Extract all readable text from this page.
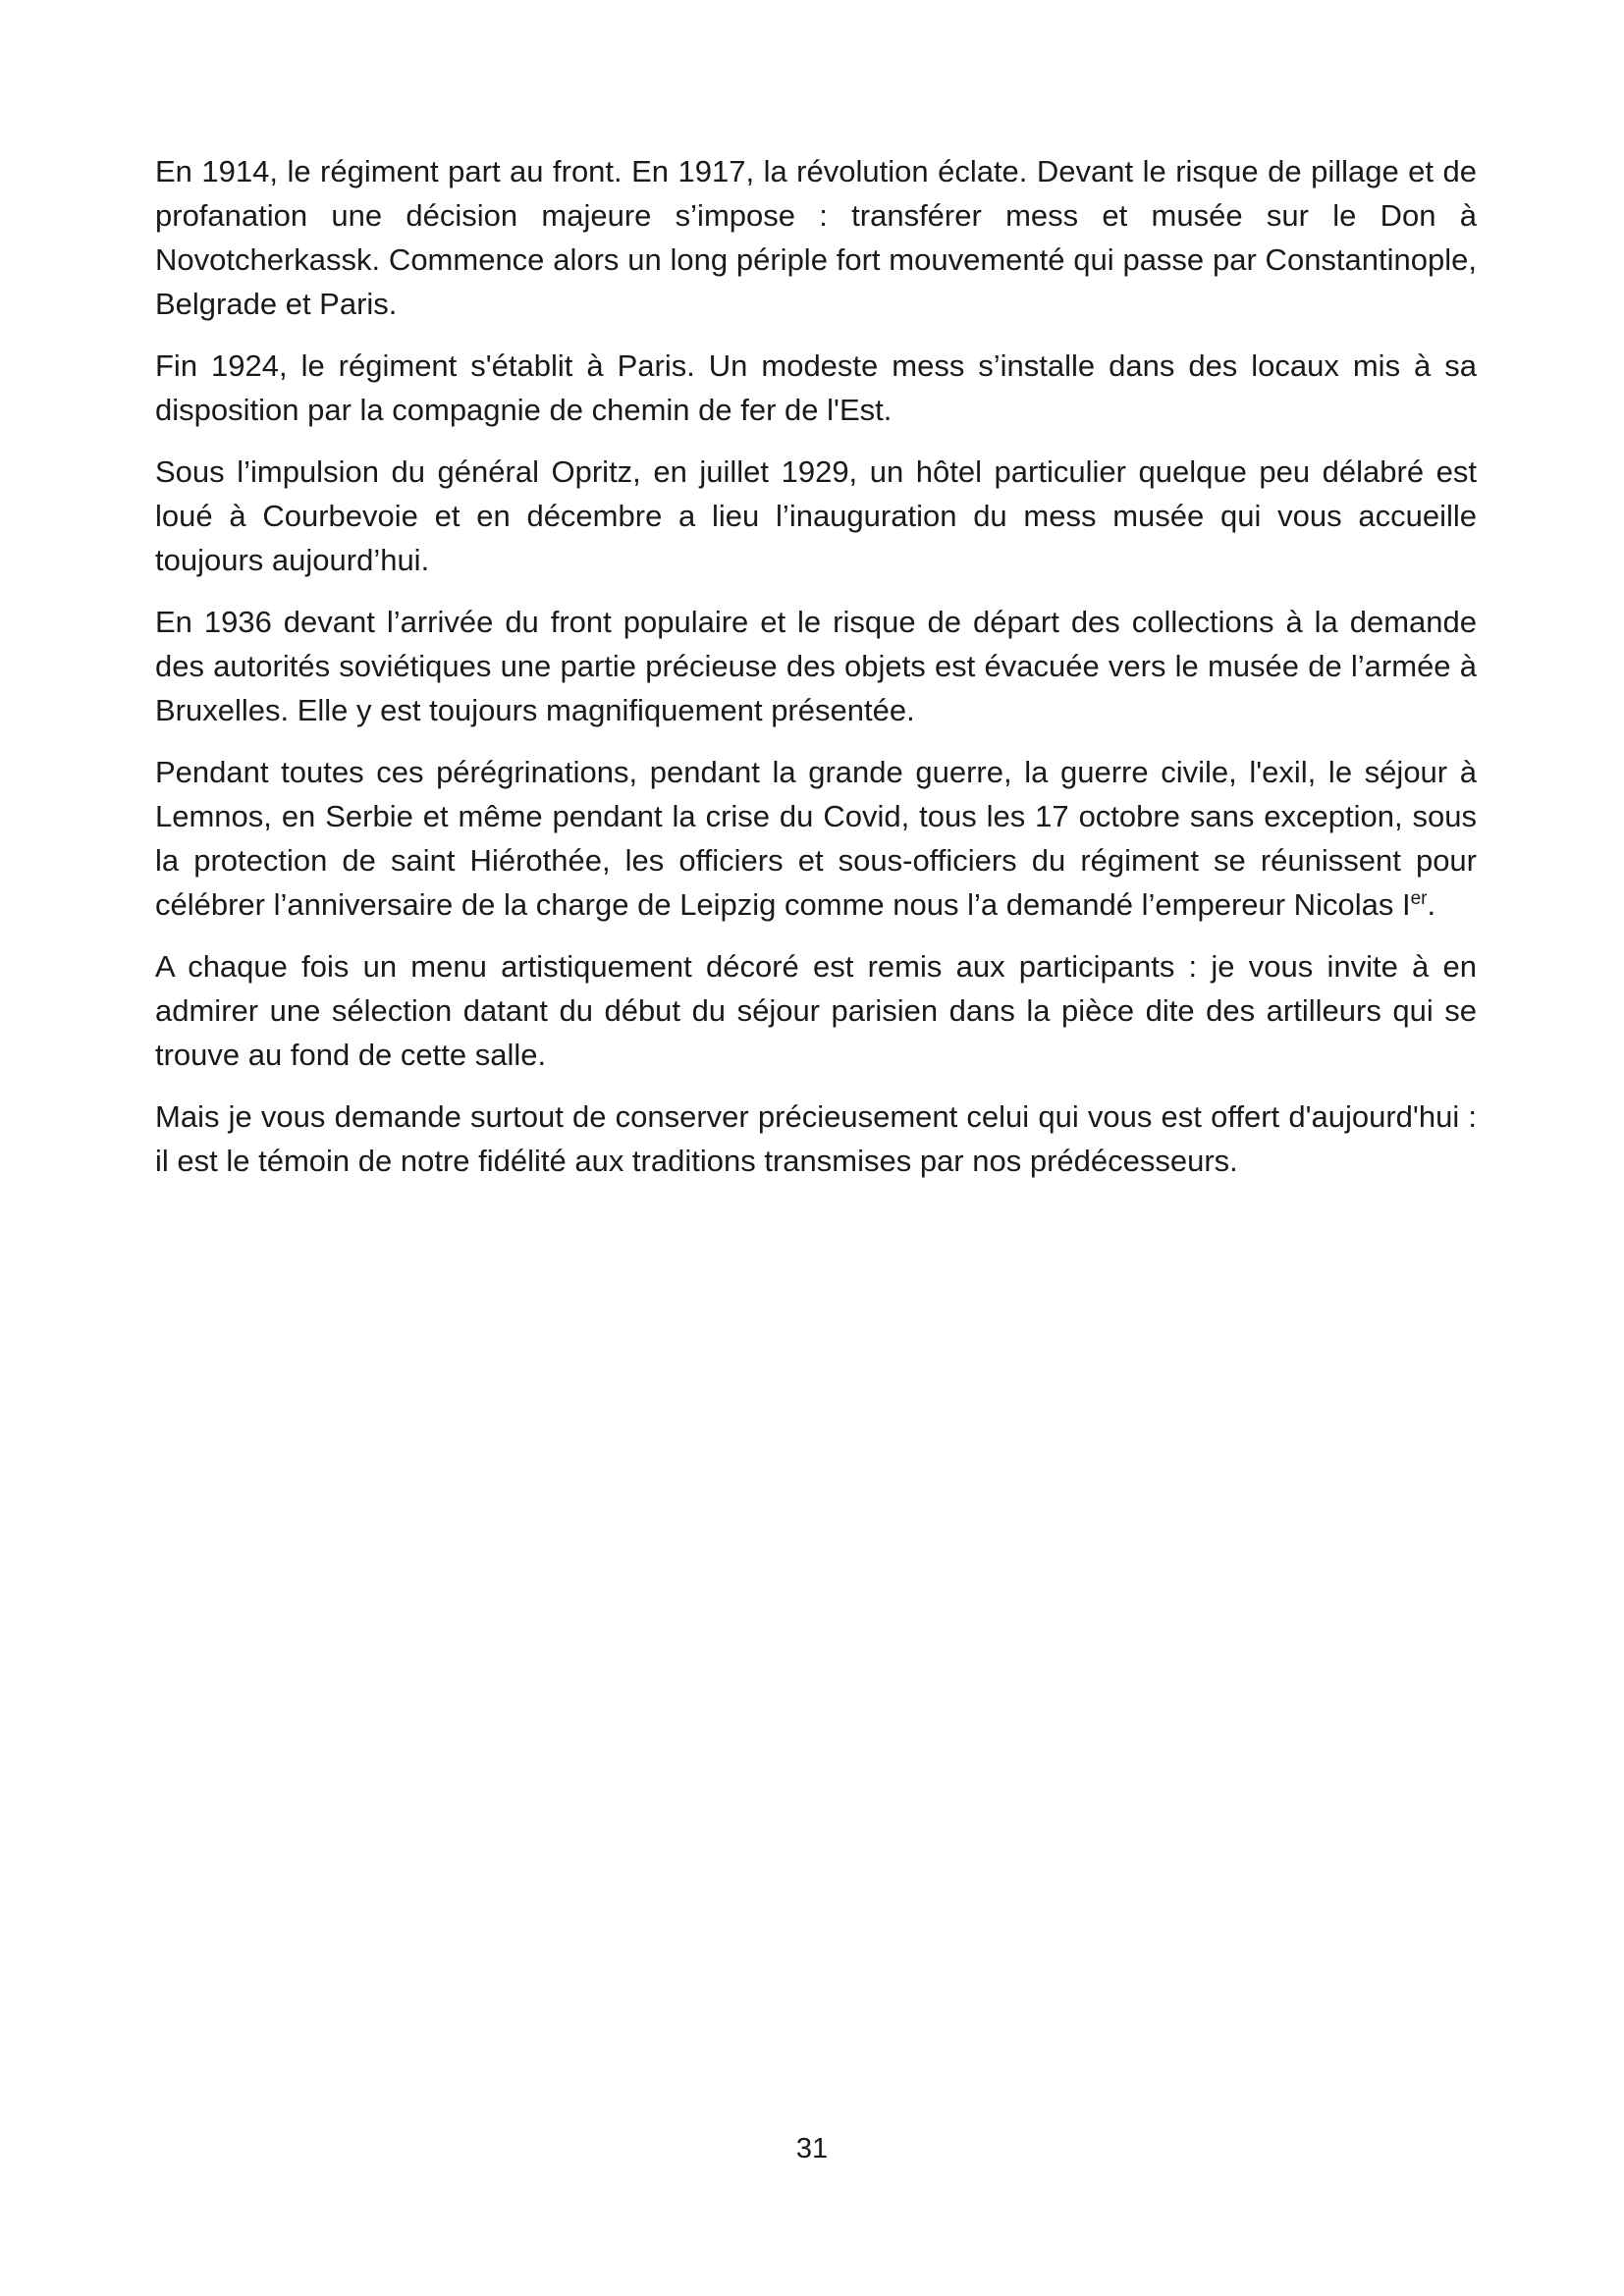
En 1914, le régiment part au front. En 1917, la révolution éclate. Devant le risque de pillage et de profanation une décision majeure s’impose : transférer mess et musée sur le Don à Novotcherkassk. Commence alors un long périple fort mouvementé qui passe par Constantinople, Belgrade et Paris.

Fin 1924, le régiment s'établit à Paris. Un modeste mess s’installe dans des locaux mis à sa disposition par la compagnie de chemin de fer de l'Est.

Sous l’impulsion du général Opritz, en juillet 1929, un hôtel particulier quelque peu délabré est loué à Courbevoie et en décembre a lieu l’inauguration du mess musée qui vous accueille toujours aujourd’hui.

En 1936 devant l’arrivée du front populaire et le risque de départ des collections à la demande des autorités soviétiques une partie précieuse des objets est évacuée vers le musée de l’armée à Bruxelles. Elle y est toujours magnifiquement présentée.

Pendant toutes ces pérégrinations, pendant la grande guerre, la guerre civile, l'exil, le séjour à Lemnos, en Serbie et même pendant la crise du Covid, tous les 17 octobre sans exception, sous la protection de saint Hiérothée, les officiers et sous-officiers du régiment se réunissent pour célébrer l’anniversaire de la charge de Leipzig comme nous l’a demandé l’empereur Nicolas Ier.

A chaque fois un menu artistiquement décoré est remis aux participants : je vous invite à en admirer une sélection datant du début du séjour parisien dans la pièce dite des artilleurs qui se trouve au fond de cette salle.

Mais je vous demande surtout de conserver précieusement celui qui vous est offert d'aujourd'hui : il est le témoin de notre fidélité aux traditions transmises par nos prédécesseurs.

31
